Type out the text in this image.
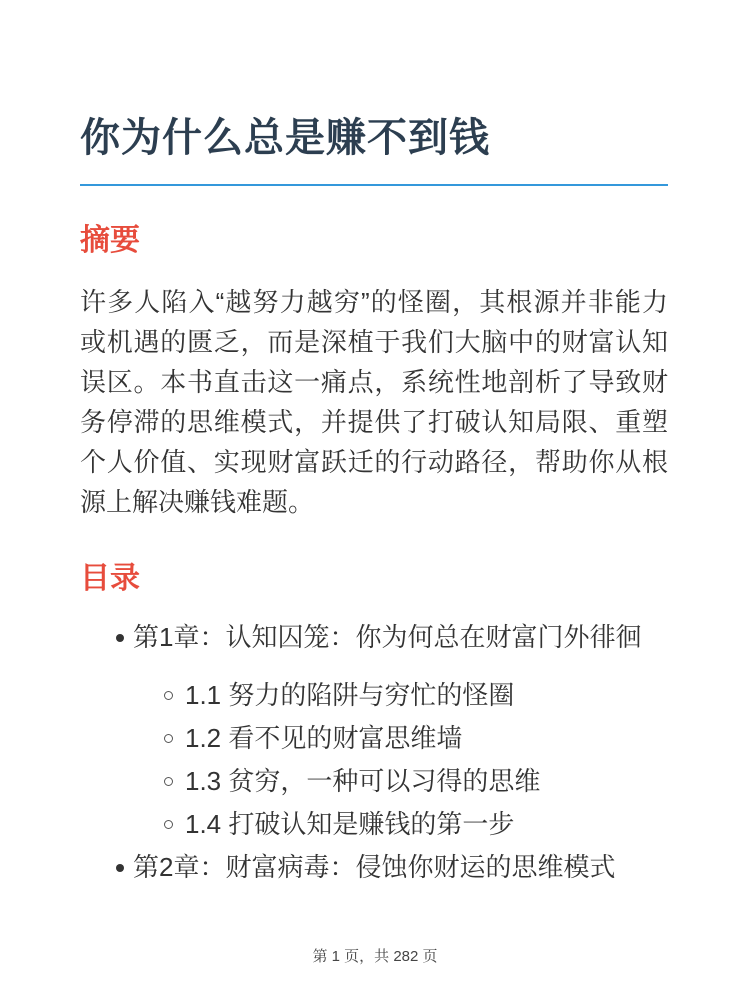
你为什么总是赚不到钱
摘要

许多人陷入“越努力越穷”的怪圈，其根源并非能力或机遇的匮乏，而是深植于我们大脑中的财富认知误区。本书直击这一痛点，系统性地剖析了导致财务停滞的思维模式，并提供了打破认知局限、重塑个人价值、实现财富跃迁的行动路径，帮助你从根源上解决赚钱难题。

目录
第1章：认知囚笼：你为何总在财富门外徘徊
1.1 努力的陷阱与穷忙的怪圈
1.2 看不见的财富思维墙
1.3 贫穷，一种可以习得的思维
1.4 打破认知是赚钱的第一步
第2章：财富病毒：侵蚀你财运的思维模式
第 1 页，共 282 页
